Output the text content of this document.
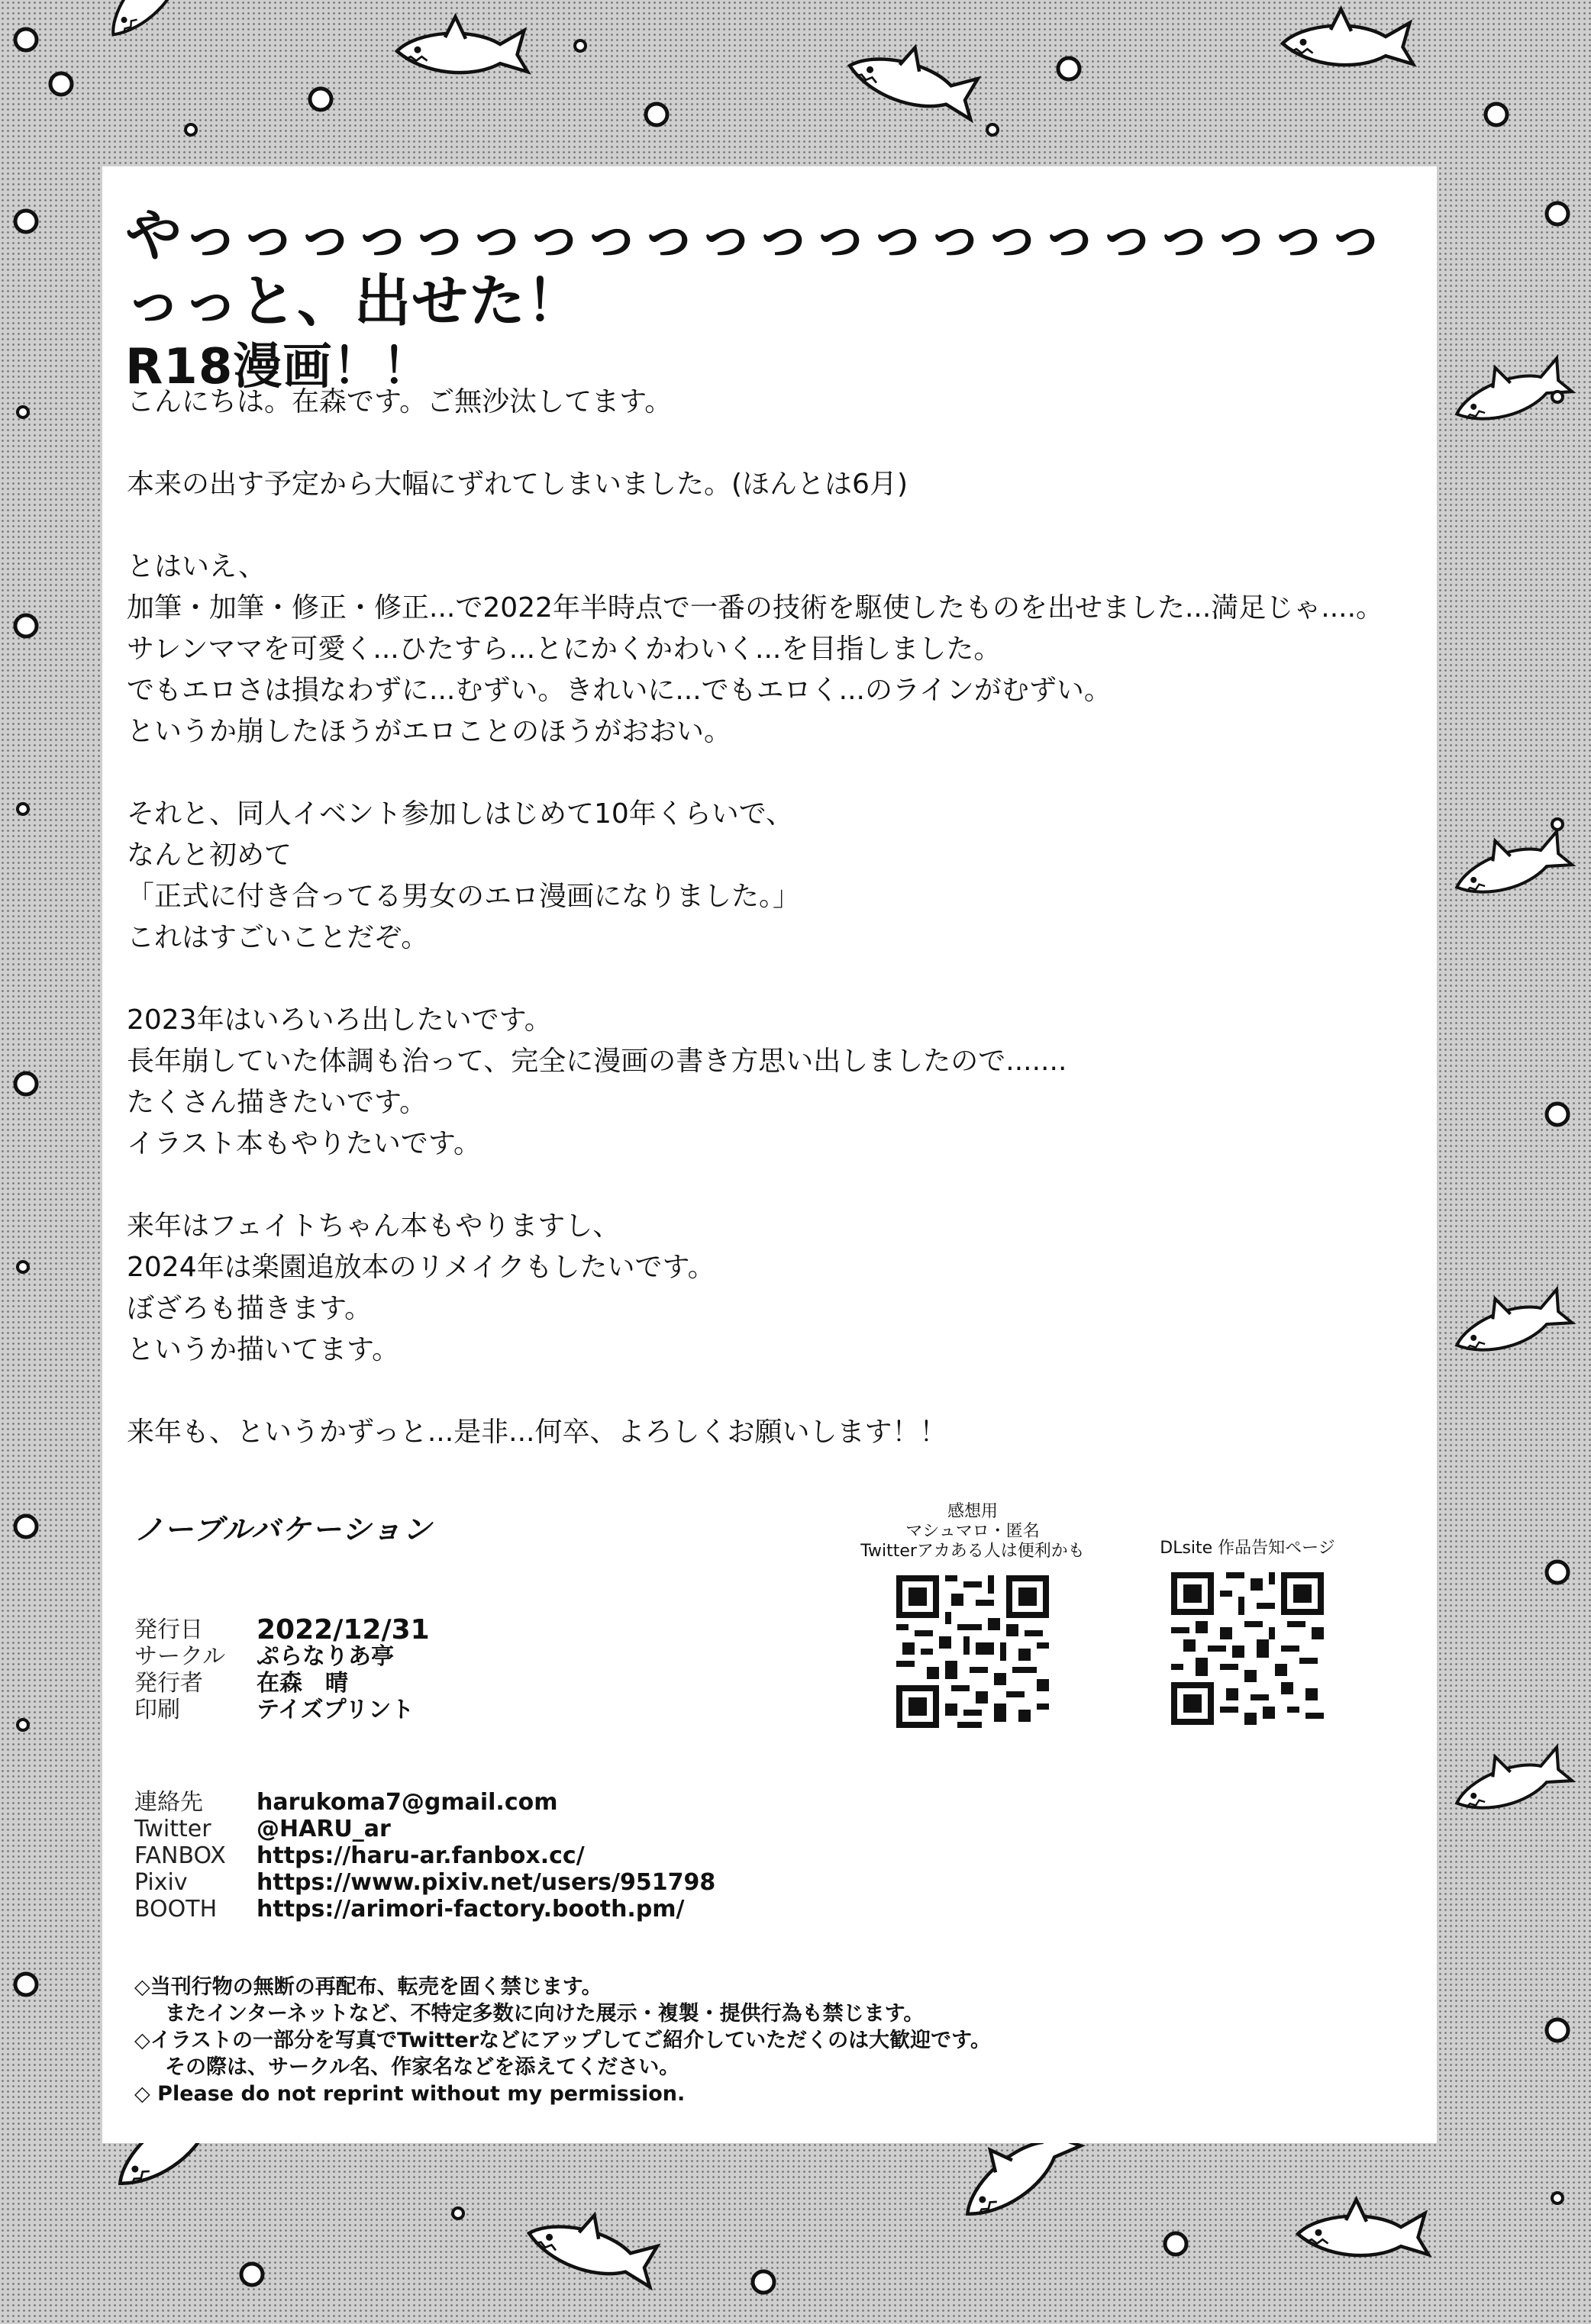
やっっっっっっっっっっっっっっっっっっっっっっっと、出せた！
R18漫画！！

こんにちは。在森です。ご無沙汰してます。

本来の出す予定から大幅にずれてしまいました。(ほんとは6月)

とはいえ、
加筆・加筆・修正・修正...で2022年半時点で一番の技術を駆使したものを出せました...満足じゃ....。
サレンママを可愛く...ひたすら...とにかくかわいく...を目指しました。
でもエロさは損なわずに...むずい。きれいに...でもエロく...のラインがむずい。
というか崩したほうがエロことのほうがおおい。

それと、同人イベント参加しはじめて10年くらいで、
なんと初めて
「正式に付き合ってる男女のエロ漫画になりました。」
これはすごいことだぞ。

2023年はいろいろ出したいです。
長年崩していた体調も治って、完全に漫画の書き方思い出しましたので.......
たくさん描きたいです。
イラスト本もやりたいです。

来年はフェイトちゃん本もやりますし、
2024年は楽園追放本のリメイクもしたいです。
ぼざろも描きます。
というか描いてます。

来年も、というかずっと...是非...何卒、よろしくお願いします！！

ノーブルバケーション
発行日	2022/12/31
サークル	ぷらなりあ亭
発行者	在森　晴
印刷	テイズプリント
連絡先	harukoma7@gmail.com
Twitter	@HARU_ar
FANBOX	https://haru-ar.fanbox.cc/
Pixiv	https://www.pixiv.net/users/951798
BOOTH	https://arimori-factory.booth.pm/
◇当刊行物の無断の再配布、転売を固く禁じます。
またインターネットなど、不特定多数に向けた展示・複製・提供行為も禁じます。
◇イラストの一部分を写真でTwitterなどにアップしてご紹介していただくのは大歓迎です。
その際は、サークル名、作家名などを添えてください。
◇ Please do not reprint without my permission.
感想用
マシュマロ・匿名
Twitterアカある人は便利かも	DLsite 作品告知ページ
